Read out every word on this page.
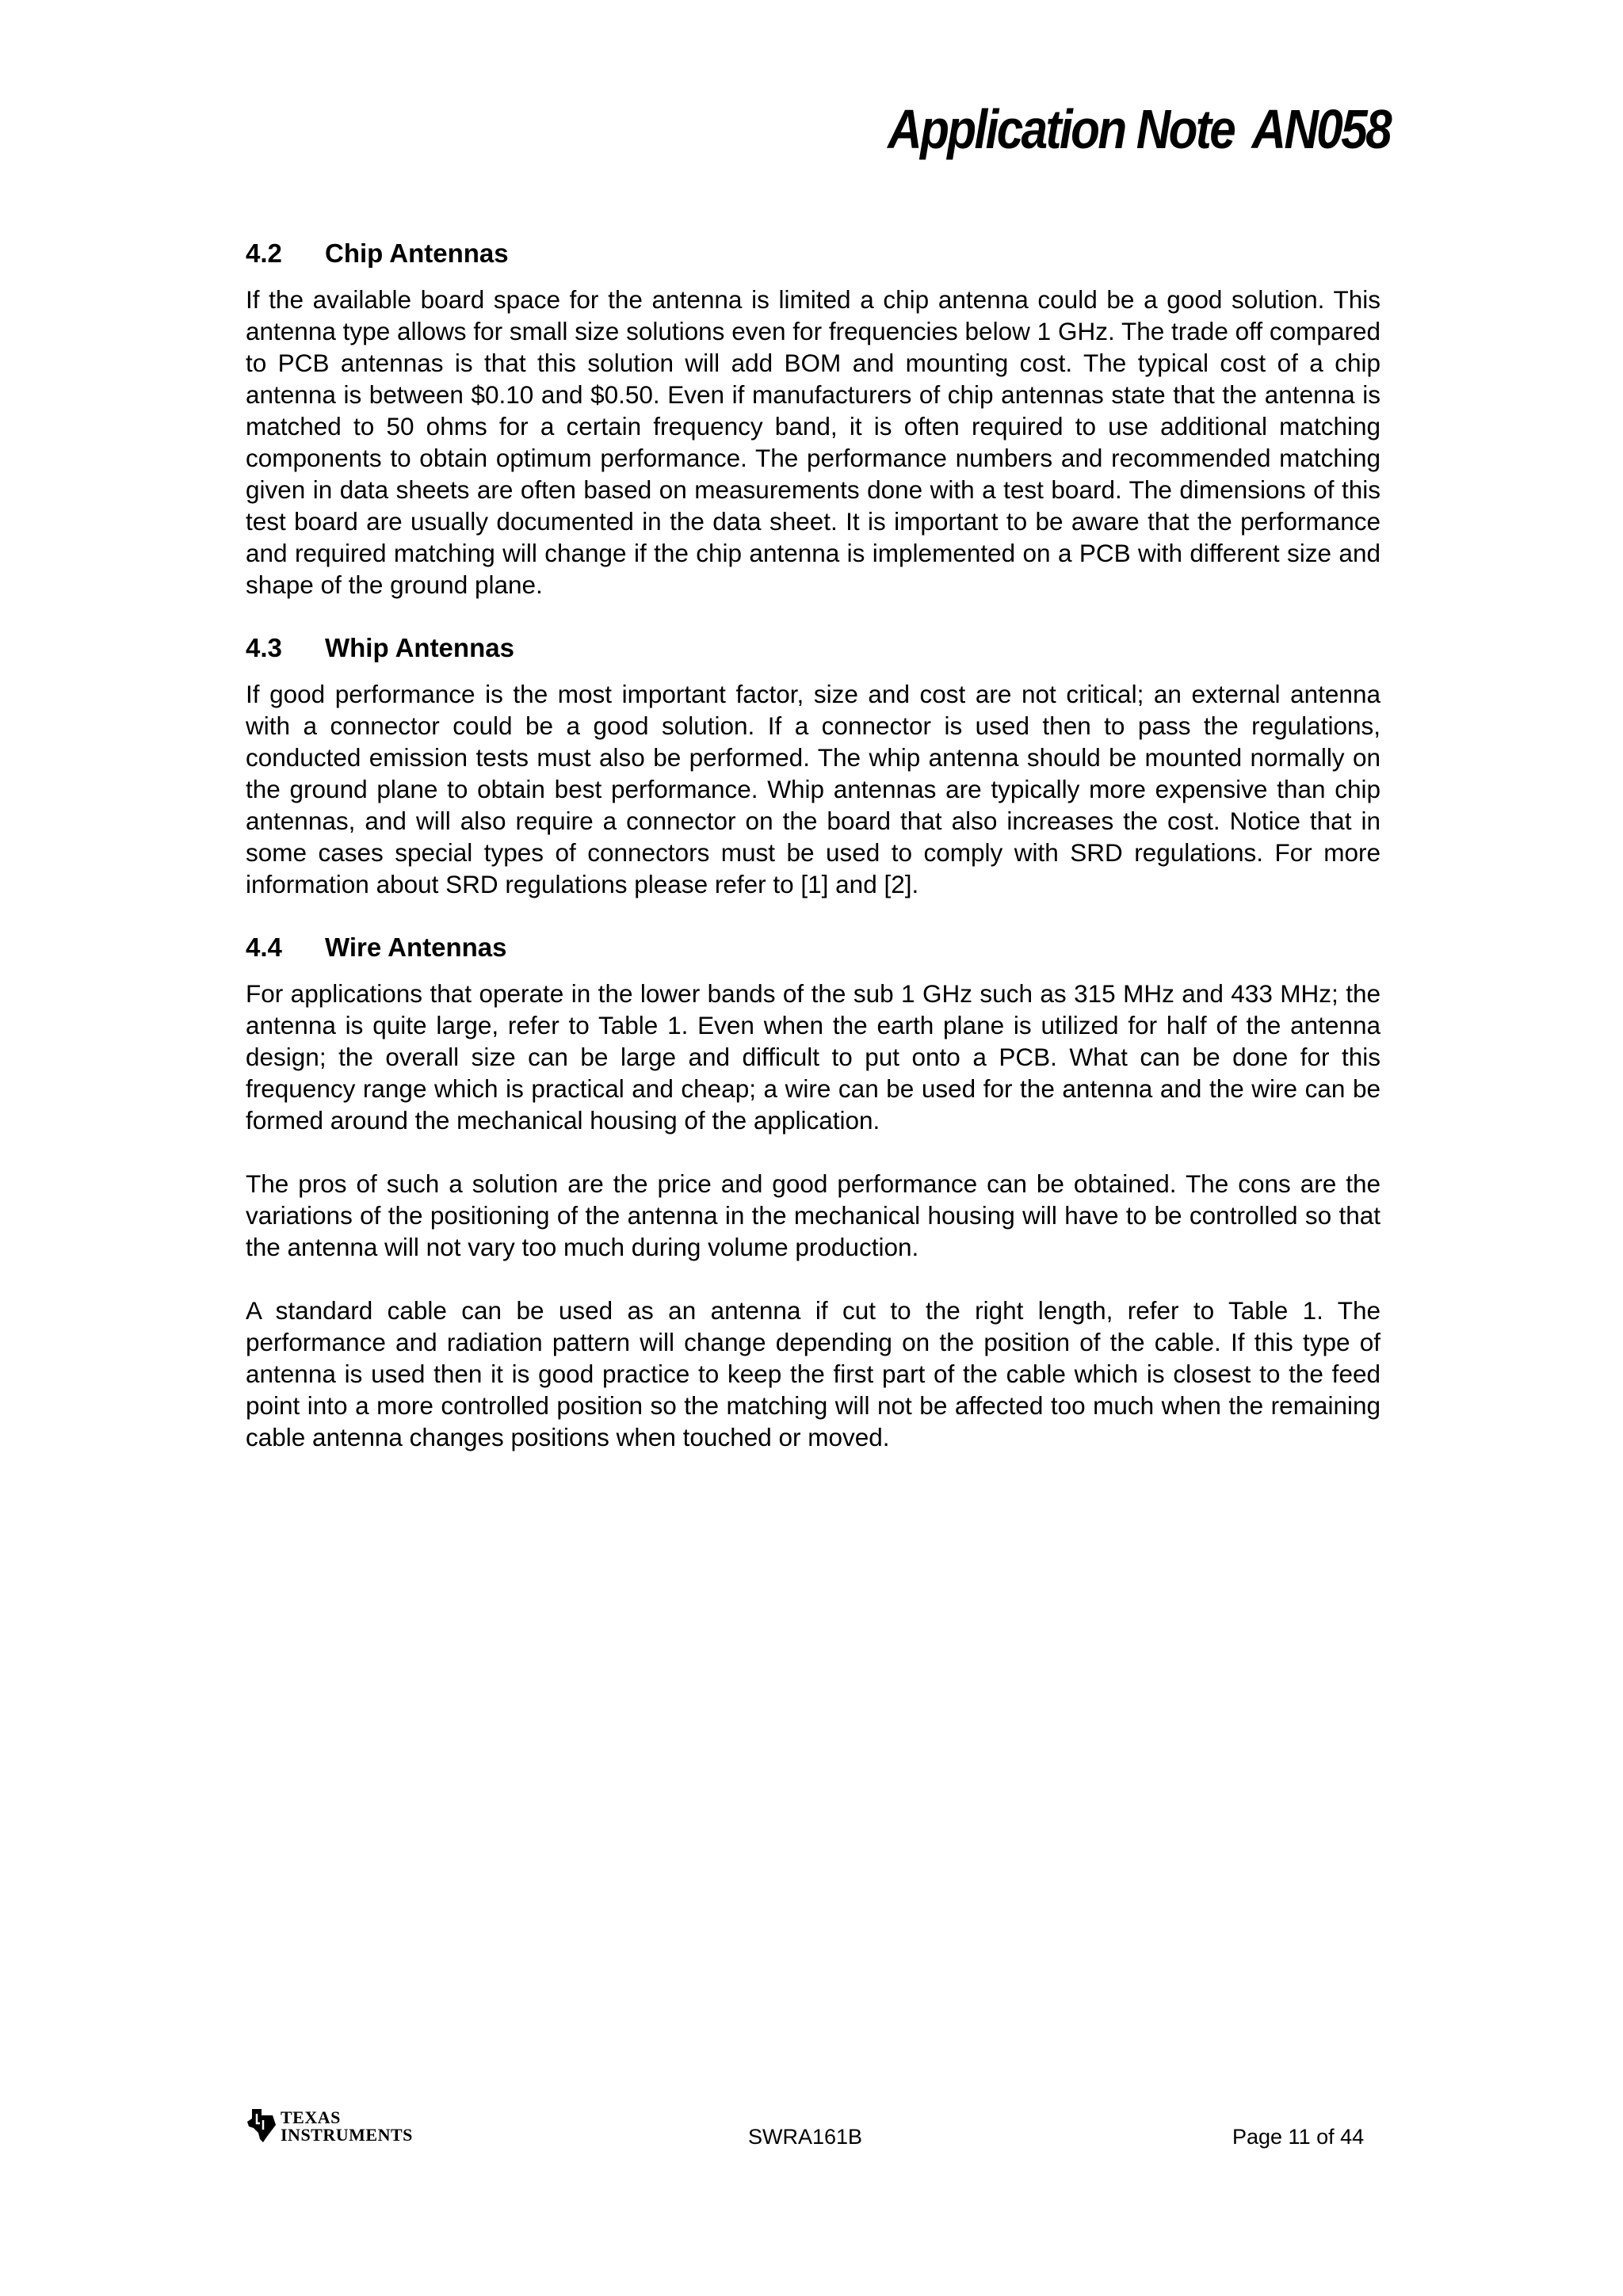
Application Note AN058
4.2	Chip Antennas

If the available board space for the antenna is limited a chip antenna could be a good solution. This antenna type allows for small size solutions even for frequencies below 1 GHz. The trade off compared to PCB antennas is that this solution will add BOM and mounting cost. The typical cost of a chip antenna is between $0.10 and $0.50. Even if manufacturers of chip antennas state that the antenna is matched to 50 ohms for a certain frequency band, it is often required to use additional matching components to obtain optimum performance. The performance numbers and recommended matching given in data sheets are often based on measurements done with a test board. The dimensions of this test board are usually documented in the data sheet. It is important to be aware that the performance and required matching will change if the chip antenna is implemented on a PCB with different size and shape of the ground plane.

4.3	Whip Antennas

If good performance is the most important factor, size and cost are not critical; an external antenna with a connector could be a good solution. If a connector is used then to pass the regulations, conducted emission tests must also be performed. The whip antenna should be mounted normally on the ground plane to obtain best performance. Whip antennas are typically more expensive than chip antennas, and will also require a connector on the board that also increases the cost. Notice that in some cases special types of connectors must be used to comply with SRD regulations. For more information about SRD regulations please refer to [1] and [2].

4.4	Wire Antennas

For applications that operate in the lower bands of the sub 1 GHz such as 315 MHz and 433 MHz; the antenna is quite large, refer to Table 1. Even when the earth plane is utilized for half of the antenna design; the overall size can be large and difficult to put onto a PCB. What can be done for this frequency range which is practical and cheap; a wire can be used for the antenna and the wire can be formed around the mechanical housing of the application.

The pros of such a solution are the price and good performance can be obtained. The cons are the variations of the positioning of the antenna in the mechanical housing will have to be controlled so that the antenna will not vary too much during volume production.

A standard cable can be used as an antenna if cut to the right length, refer to Table 1. The performance and radiation pattern will change depending on the position of the cable. If this type of antenna is used then it is good practice to keep the first part of the cable which is closest to the feed point into a more controlled position so the matching will not be affected too much when the remaining cable antenna changes positions when touched or moved.

TEXAS
INSTRUMENTS	SWRA161B	Page 11 of 44
